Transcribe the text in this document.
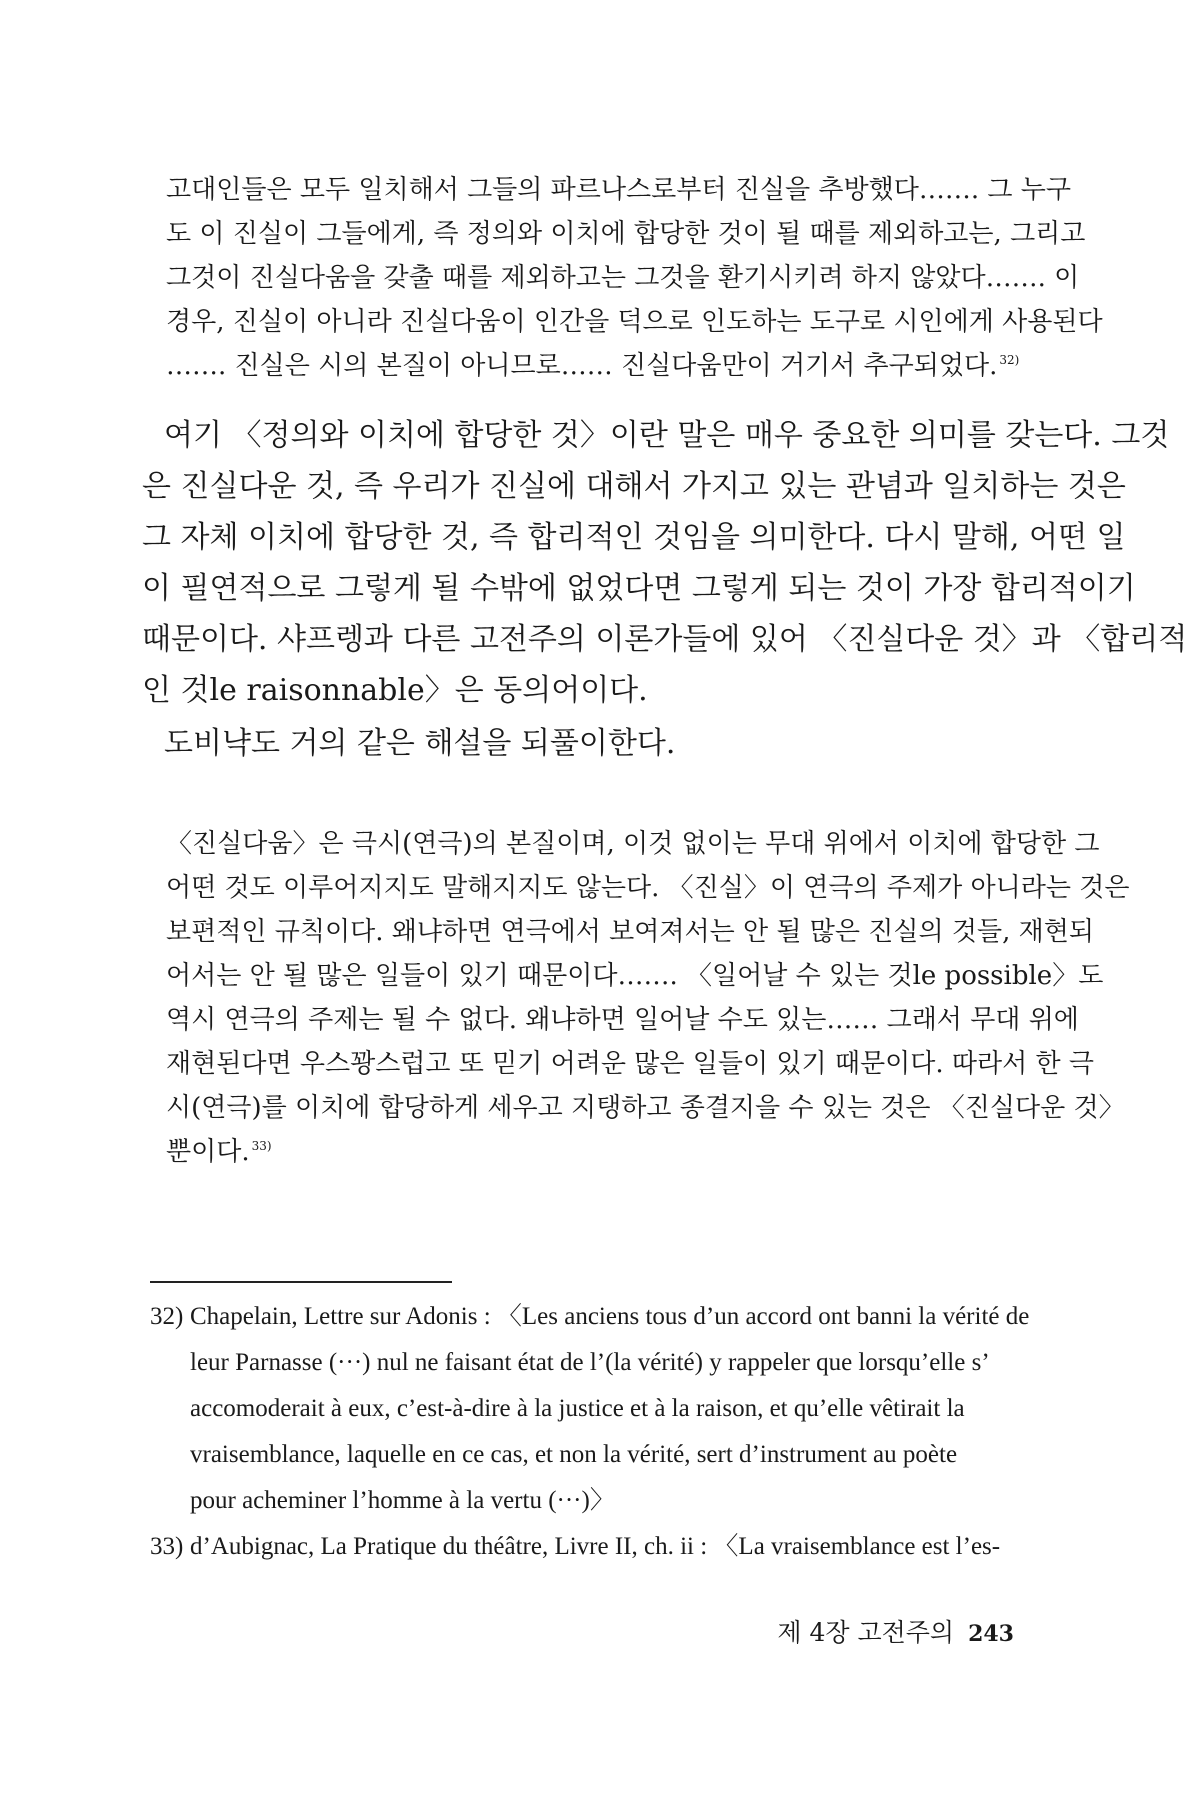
고대인들은 모두 일치해서 그들의 파르나스로부터 진실을 추방했다……. 그 누구
도 이 진실이 그들에게, 즉 정의와 이치에 합당한 것이 될 때를 제외하고는, 그리고
그것이 진실다움을 갖출 때를 제외하고는 그것을 환기시키려 하지 않았다……. 이
경우, 진실이 아니라 진실다움이 인간을 덕으로 인도하는 도구로 시인에게 사용된다
……. 진실은 시의 본질이 아니므로…… 진실다움만이 거기서 추구되었다. $^{32)}$
여기 〈정의와 이치에 합당한 것〉이란 말은 매우 중요한 의미를 갖는다. 그것
은 진실다운 것, 즉 우리가 진실에 대해서 가지고 있는 관념과 일치하는 것은
그 자체 이치에 합당한 것, 즉 합리적인 것임을 의미한다. 다시 말해, 어떤 일
이 필연적으로 그렇게 될 수밖에 없었다면 그렇게 되는 것이 가장 합리적이기
때문이다. 샤프렝과 다른 고전주의 이론가들에 있어 〈진실다운 것〉과 〈합리적
인 것le raisonnable〉은 동의어이다.
도비냑도 거의 같은 해설을 되풀이한다.
〈진실다움〉은 극시(연극)의 본질이며, 이것 없이는 무대 위에서 이치에 합당한 그
어떤 것도 이루어지지도 말해지지도 않는다. 〈진실〉이 연극의 주제가 아니라는 것은
보편적인 규칙이다. 왜냐하면 연극에서 보여져서는 안 될 많은 진실의 것들, 재현되
어서는 안 될 많은 일들이 있기 때문이다……. 〈일어날 수 있는 것le possible〉도
역시 연극의 주제는 될 수 없다. 왜냐하면 일어날 수도 있는…… 그래서 무대 위에
재현된다면 우스꽝스럽고 또 믿기 어려운 많은 일들이 있기 때문이다. 따라서 한 극
시(연극)를 이치에 합당하게 세우고 지탱하고 종결지을 수 있는 것은 〈진실다운 것〉
뿐이다. $^{33)}$
32) Chapelain, Lettre sur Adonis : 〈Les anciens tous d’un accord ont banni la vérité de
leur Parnasse (···) nul ne faisant état de l’(la vérité) y rappeler que lorsqu’elle s’
accomoderait à eux, c’est-à-dire à la justice et à la raison, et qu’elle vêtirait la
vraisemblance, laquelle en ce cas, et non la vérité, sert d’instrument au poète
pour acheminer l’homme à la vertu (···)〉
33) d’Aubignac, La Pratique du théâtre, Livre II, ch. ii : 〈La vraisemblance est l’es-
제 4장 고전주의 243
